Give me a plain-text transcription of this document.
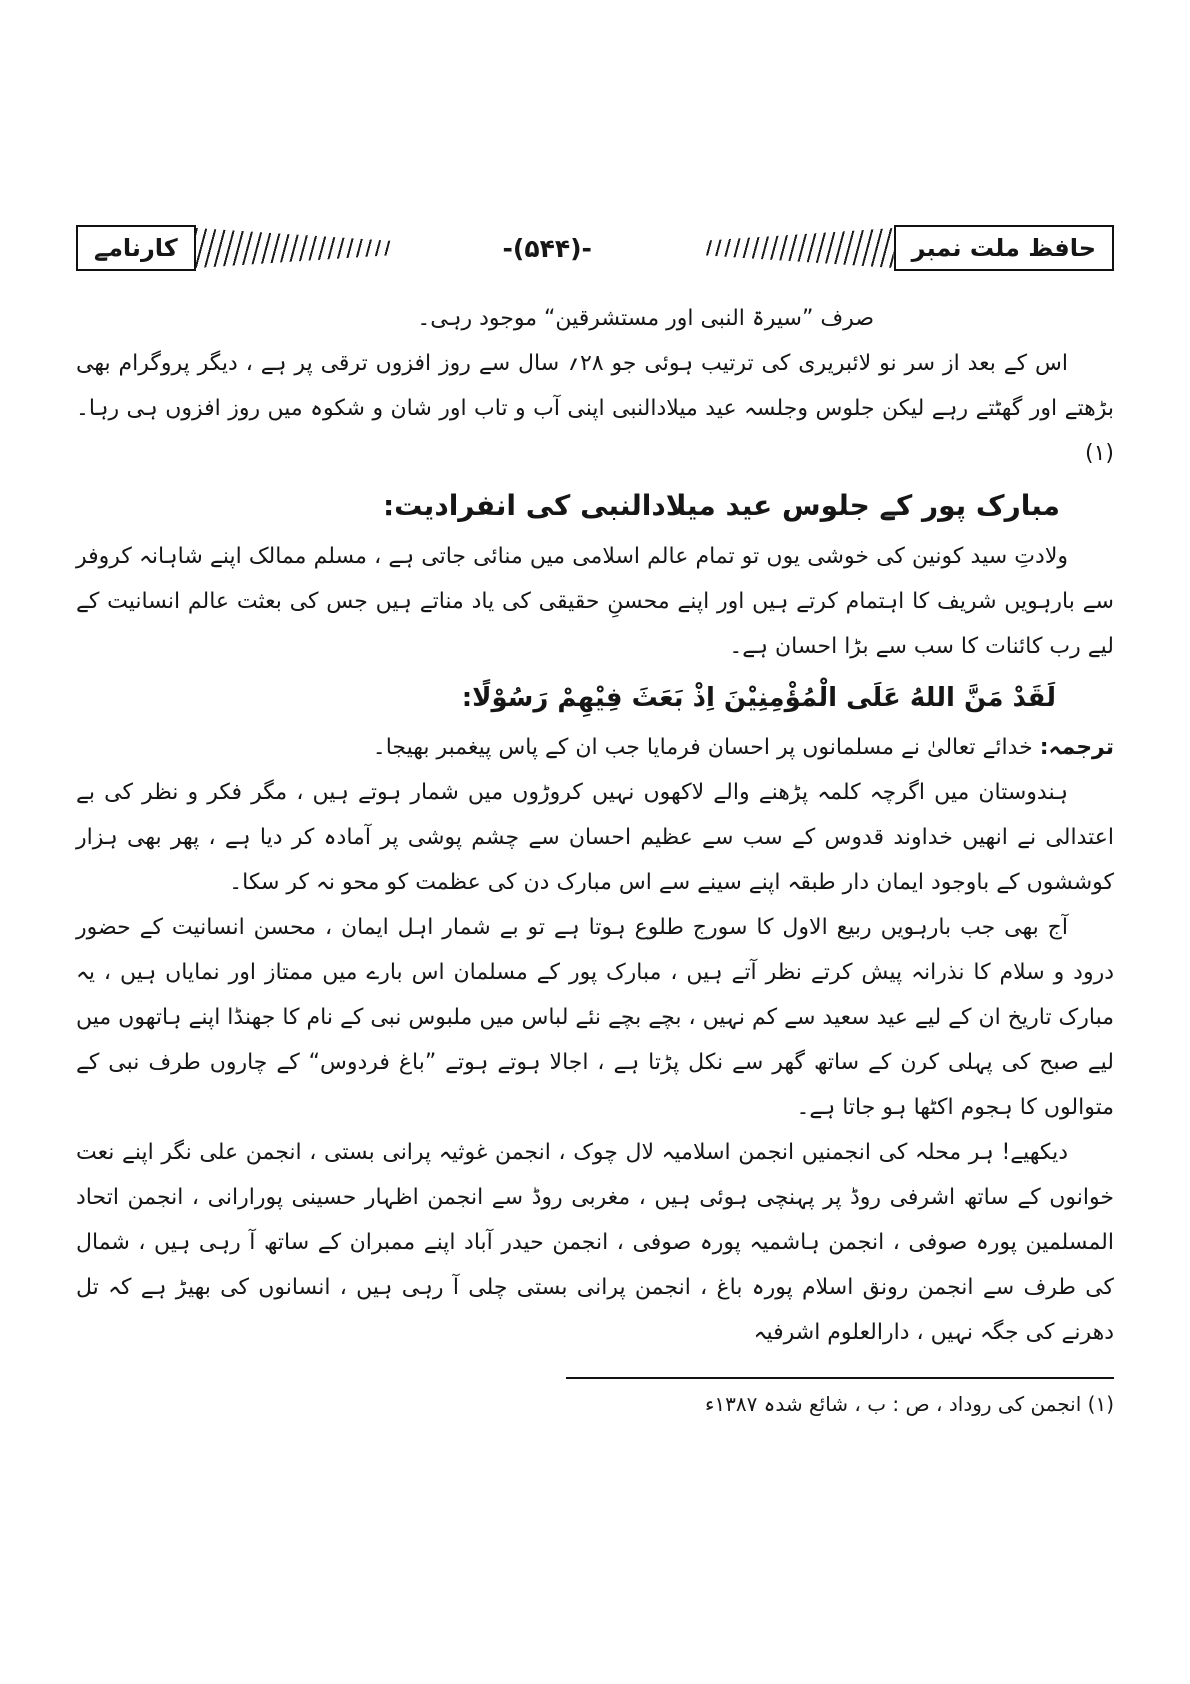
حافظ ملت نمبر
-(۵۴۴)-
کارنامے

صرف ”سیرۃ النبی اور مستشرقین“ موجود رہی۔

اس کے بعد از سر نو لائبریری کی ترتیب ہوئی جو ۲۸؍ سال سے روز افزوں ترقی پر ہے ، دیگر پروگرام بھی بڑھتے اور گھٹتے رہے لیکن جلوس وجلسہ عید میلادالنبی اپنی آب و تاب اور شان و شکوہ میں روز افزوں ہی رہا۔ (۱)

مبارک پور کے جلوس عید میلادالنبی کی انفرادیت:

ولادتِ سید کونین کی خوشی یوں تو تمام عالم اسلامی میں منائی جاتی ہے ، مسلم ممالک اپنے شاہانہ کروفر سے بارہویں شریف کا اہتمام کرتے ہیں اور اپنے محسنِ حقیقی کی یاد مناتے ہیں جس کی بعثت عالم انسانیت کے لیے رب کائنات کا سب سے بڑا احسان ہے۔

لَقَدْ مَنَّ اللهُ عَلَى الْمُؤْمِنِيْنَ اِذْ بَعَثَ فِيْهِمْ رَسُوْلًا:

ترجمہ: خدائے تعالیٰ نے مسلمانوں پر احسان فرمایا جب ان کے پاس پیغمبر بھیجا۔

ہندوستان میں اگرچہ کلمہ پڑھنے والے لاکھوں نہیں کروڑوں میں شمار ہوتے ہیں ، مگر فکر و نظر کی بے اعتدالی نے انھیں خداوند قدوس کے سب سے عظیم احسان سے چشم پوشی پر آمادہ کر دیا ہے ، پھر بھی ہزار کوششوں کے باوجود ایمان دار طبقہ اپنے سینے سے اس مبارک دن کی عظمت کو محو نہ کر سکا۔

آج بھی جب بارہویں ربیع الاول کا سورج طلوع ہوتا ہے تو بے شمار اہل ایمان ، محسن انسانیت کے حضور درود و سلام کا نذرانہ پیش کرتے نظر آتے ہیں ، مبارک پور کے مسلمان اس بارے میں ممتاز اور نمایاں ہیں ، یہ مبارک تاریخ ان کے لیے عید سعید سے کم نہیں ، بچے بچے نئے لباس میں ملبوس نبی کے نام کا جھنڈا اپنے ہاتھوں میں لیے صبح کی پہلی کرن کے ساتھ گھر سے نکل پڑتا ہے ، اجالا ہوتے ہوتے ”باغ فردوس“ کے چاروں طرف نبی کے متوالوں کا ہجوم اکٹھا ہو جاتا ہے۔

دیکھیے! ہر محلہ کی انجمنیں انجمن اسلامیہ لال چوک ، انجمن غوثیہ پرانی بستی ، انجمن علی نگر اپنے نعت خوانوں کے ساتھ اشرفی روڈ پر پہنچی ہوئی ہیں ، مغربی روڈ سے انجمن اظہار حسینی پورارانی ، انجمن اتحاد المسلمین پورہ صوفی ، انجمن ہاشمیہ پورہ صوفی ، انجمن حیدر آباد اپنے ممبران کے ساتھ آ رہی ہیں ، شمال کی طرف سے انجمن رونق اسلام پورہ باغ ، انجمن پرانی بستی چلی آ رہی ہیں ، انسانوں کی بھیڑ ہے کہ تل دھرنے کی جگہ نہیں ، دارالعلوم اشرفیہ

(۱) انجمن کی روداد ، ص : ب ، شائع شدہ ۱۳۸۷ء
